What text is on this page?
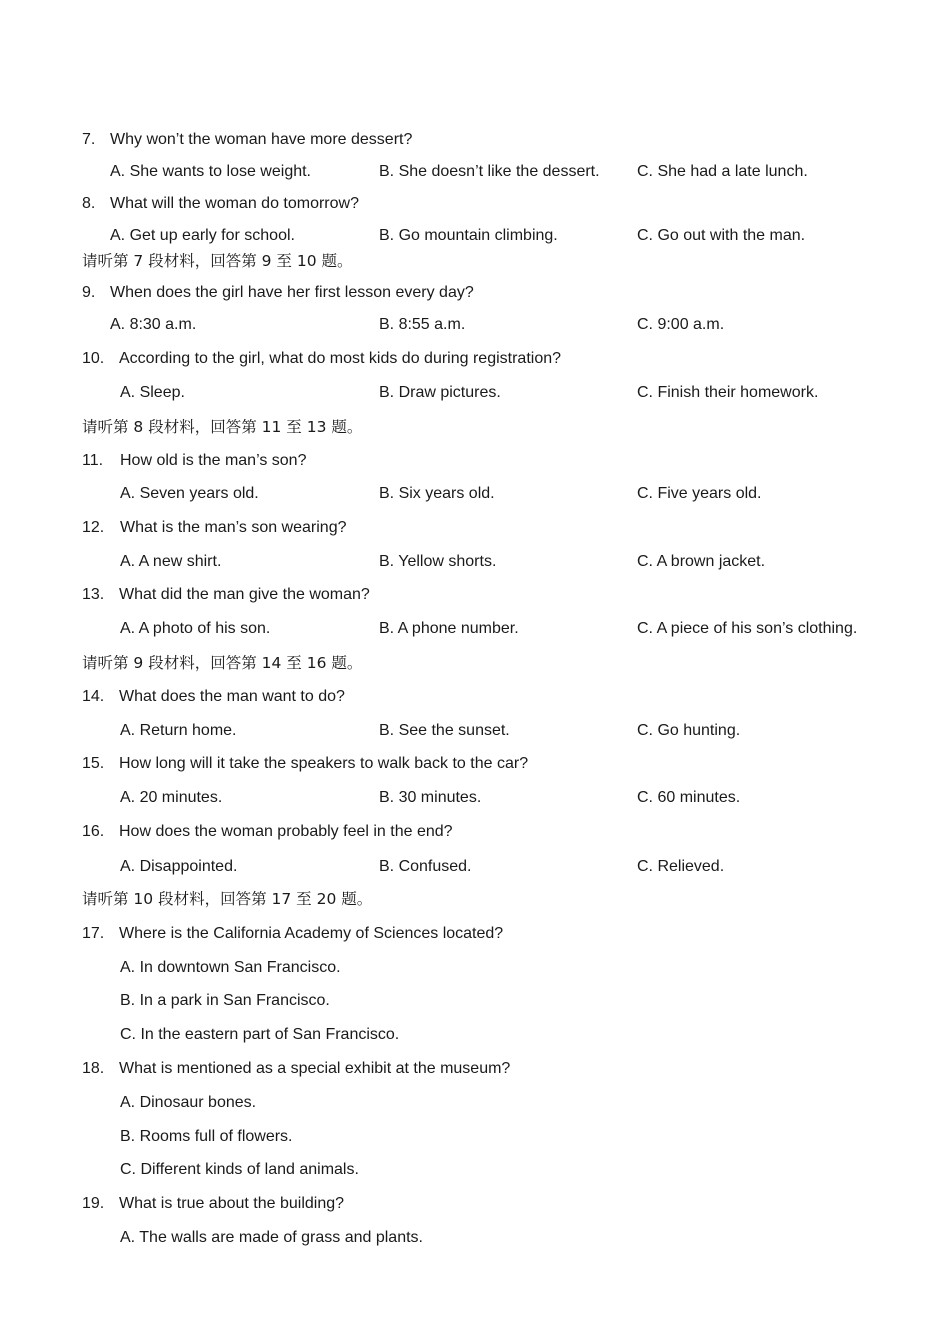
7. Why won’t the woman have more dessert?
A. She wants to lose weight.	B. She doesn’t like the dessert. C. She had a late lunch.
8. What will the woman do tomorrow?
A. Get up early for school.	B. Go mountain climbing.	C. Go out with the man.
请听第 7 段材料，回答第 9 至 10 题。
9. When does the girl have her first lesson every day?
A. 8:30 a.m.	B. 8:55 a.m.	C. 9:00 a.m.
10. According to the girl, what do most kids do during registration?
A. Sleep.	B. Draw pictures.	C. Finish their homework.
请听第 8 段材料，回答第 11 至 13 题。
11. How old is the man’s son?
A. Seven years old.	B. Six years old.	C. Five years old.
12. What is the man’s son wearing?
A. A new shirt.	B. Yellow shorts.	C. A brown jacket.
13. What did the man give the woman?
A. A photo of his son.	B. A phone number.	C. A piece of his son’s clothing.
请听第 9 段材料，回答第 14 至 16 题。
14. What does the man want to do?
A. Return home.	B. See the sunset.	C. Go hunting.
15. How long will it take the speakers to walk back to the car?
A. 20 minutes.	B. 30 minutes.	C. 60 minutes.
16. How does the woman probably feel in the end?
A. Disappointed.	B. Confused.	C. Relieved.
请听第 10 段材料，回答第 17 至 20 题。
17. Where is the California Academy of Sciences located?
A. In downtown San Francisco.
B. In a park in San Francisco.
C. In the eastern part of San Francisco.
18. What is mentioned as a special exhibit at the museum?
A. Dinosaur bones.
B. Rooms full of flowers.
C. Different kinds of land animals.
19. What is true about the building?
A. The walls are made of grass and plants.
